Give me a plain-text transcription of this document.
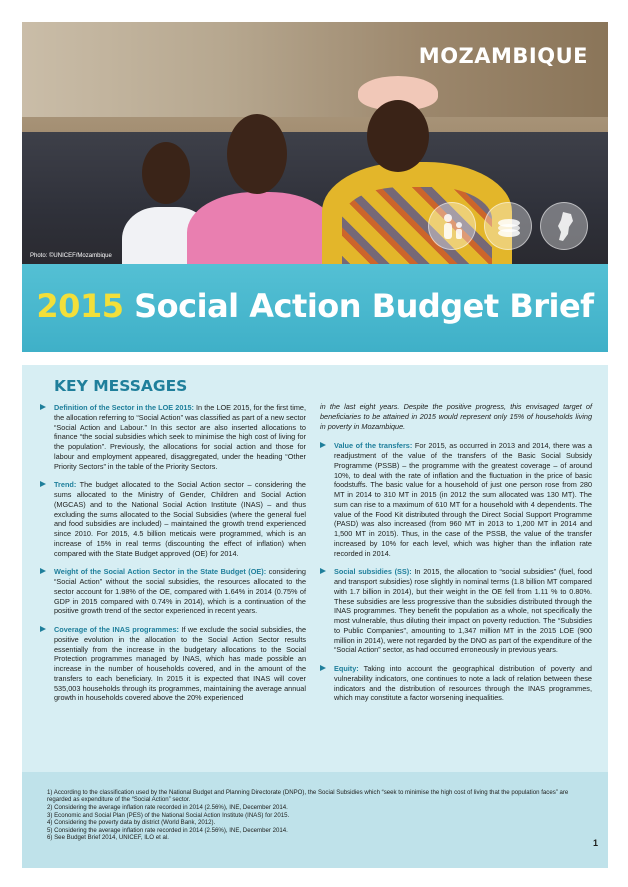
MOZAMBIQUE
Photo: ©UNICEF/Mozambique
2015 Social Action Budget Brief
KEY MESSAGES
Definition of the Sector in the LOE 2015: In the LOE 2015, for the first time, the allocation referring to “Social Action” was classified as part of a new sector “Social Action and Labour.” In this sector are also inserted allocations to finance “the social subsidies which seek to minimise the high cost of living for the population”. Previously, the allocations for social action and those for labour and employment appeared, disaggregated, under the heading “Other Priority Sectors” in the table of the Priority Sectors.
Trend: The budget allocated to the Social Action sector – considering the sums allocated to the Ministry of Gender, Children and Social Action (MGCAS) and to the National Social Action Institute (INAS) – and thus excluding the sums allocated to the Social Subsidies (where the general fuel and food subsidies are included) – maintained the growth trend experienced since 2010. For 2015, 4.5 billion meticais were programmed, which is an increase of 15% in real terms (discounting the effect of inflation) when compared with the State Budget approved (OE) for 2014.
Weight of the Social Action Sector in the State Budget (OE): considering “Social Action” without the social subsidies, the resources allocated to the sector account for 1.98% of the OE, compared with 1.64% in 2014 (0.75% of GDP in 2015 compared with 0.74% in 2014), which is a continuation of the positive growth trend of the sector experienced in recent years.
Coverage of the INAS programmes: If we exclude the social subsidies, the positive evolution in the allocation to the Social Action Sector results essentially from the increase in the budgetary allocations to the Social Protection programmes managed by INAS, which has made possible an increase in the number of households covered, and in the amount of the transfers to each beneficiary. In 2015 it is expected that INAS will cover 535,003 households through its programmes, maintaining the average annual growth in households covered above the 20% experienced
in the last eight years. Despite the positive progress, this envisaged target of beneficiaries to be attained in 2015 would represent only 15% of households living in poverty in Mozambique.
Value of the transfers: For 2015, as occurred in 2013 and 2014, there was a readjustment of the value of the transfers of the Basic Social Subsidy Programme (PSSB) – the programme with the greatest coverage – of around 10%, to deal with the rate of inflation and the fluctuation in the price of basic foodstuffs. The basic value for a household of just one person rose from 280 MT in 2014 to 310 MT in 2015 (in 2012 the sum allocated was 130 MT). The sum can rise to a maximum of 610 MT for a household with 4 dependents. The value of the Food Kit distributed through the Direct Social Support Programme (PASD) was also increased (from 960 MT in 2013 to 1,200 MT in 2014 and 1,500 MT in 2015). Thus, in the case of the PSSB, the value of the transfer increased by 10% for each level, which was higher than the inflation rate recorded in 2014.
Social subsidies (SS): In 2015, the allocation to “social subsidies” (fuel, food and transport subsidies) rose slightly in nominal terms (1.8 billion MT compared with 1.7 billion in 2014), but their weight in the OE fell from 1.11 % to 0.80%. These subsidies are less progressive than the subsidies distributed through the INAS programmes. They benefit the population as a whole, not specifically the most vulnerable, thus diluting their impact on poverty reduction. The “Subsidies to Public Companies”, amounting to 1,347 million MT in the 2015 LOE (900 million in 2014), were not regarded by the DNO as part of the expenditure of the “Social Action” sector, as had occurred erroneously in previous years.
Equity: Taking into account the geographical distribution of poverty and vulnerability indicators, one continues to note a lack of relation between these indicators and the distribution of resources through the INAS programmes, which may constitute a factor worsening inequalities.
1) According to the classification used by the National Budget and Planning Directorate (DNPO), the Social Subsidies which “seek to minimise the high cost of living that the population faces” are regarded as expenditure of the “Social Action” sector.
2) Considering the average inflation rate recorded in 2014 (2.56%), INE, December 2014.
3) Economic and Social Plan (PES) of the National Social Action Institute (INAS) for 2015.
4) Considering the poverty data by district (World Bank, 2012).
5) Considering the average inflation rate recorded in 2014 (2.56%), INE, December 2014.
6) See Budget Brief 2014, UNICEF, ILO et al.
1
